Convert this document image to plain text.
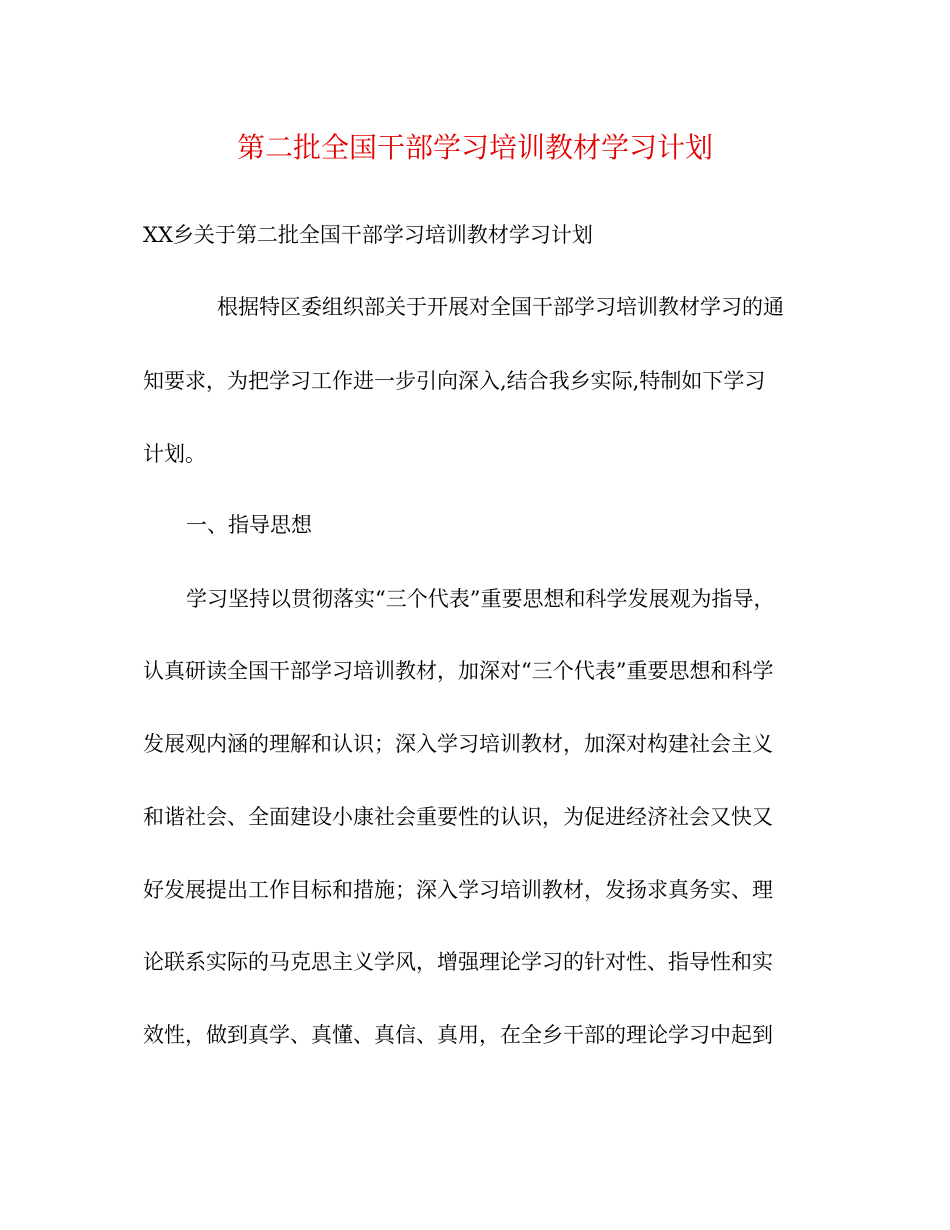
第二批全国干部学习培训教材学习计划
XX乡关于第二批全国干部学习培训教材学习计划
根据特区委组织部关于开展对全国干部学习培训教材学习的通
知要求，为把学习工作进一步引向深入,结合我乡实际,特制如下学习
计划。
一、指导思想
学习坚持以贯彻落实“三个代表”重要思想和科学发展观为指导，
认真研读全国干部学习培训教材，加深对“三个代表”重要思想和科学
发展观内涵的理解和认识；深入学习培训教材，加深对构建社会主义
和谐社会、全面建设小康社会重要性的认识，为促进经济社会又快又
好发展提出工作目标和措施；深入学习培训教材，发扬求真务实、理
论联系实际的马克思主义学风，增强理论学习的针对性、指导性和实
效性，做到真学、真懂、真信、真用，在全乡干部的理论学习中起到
